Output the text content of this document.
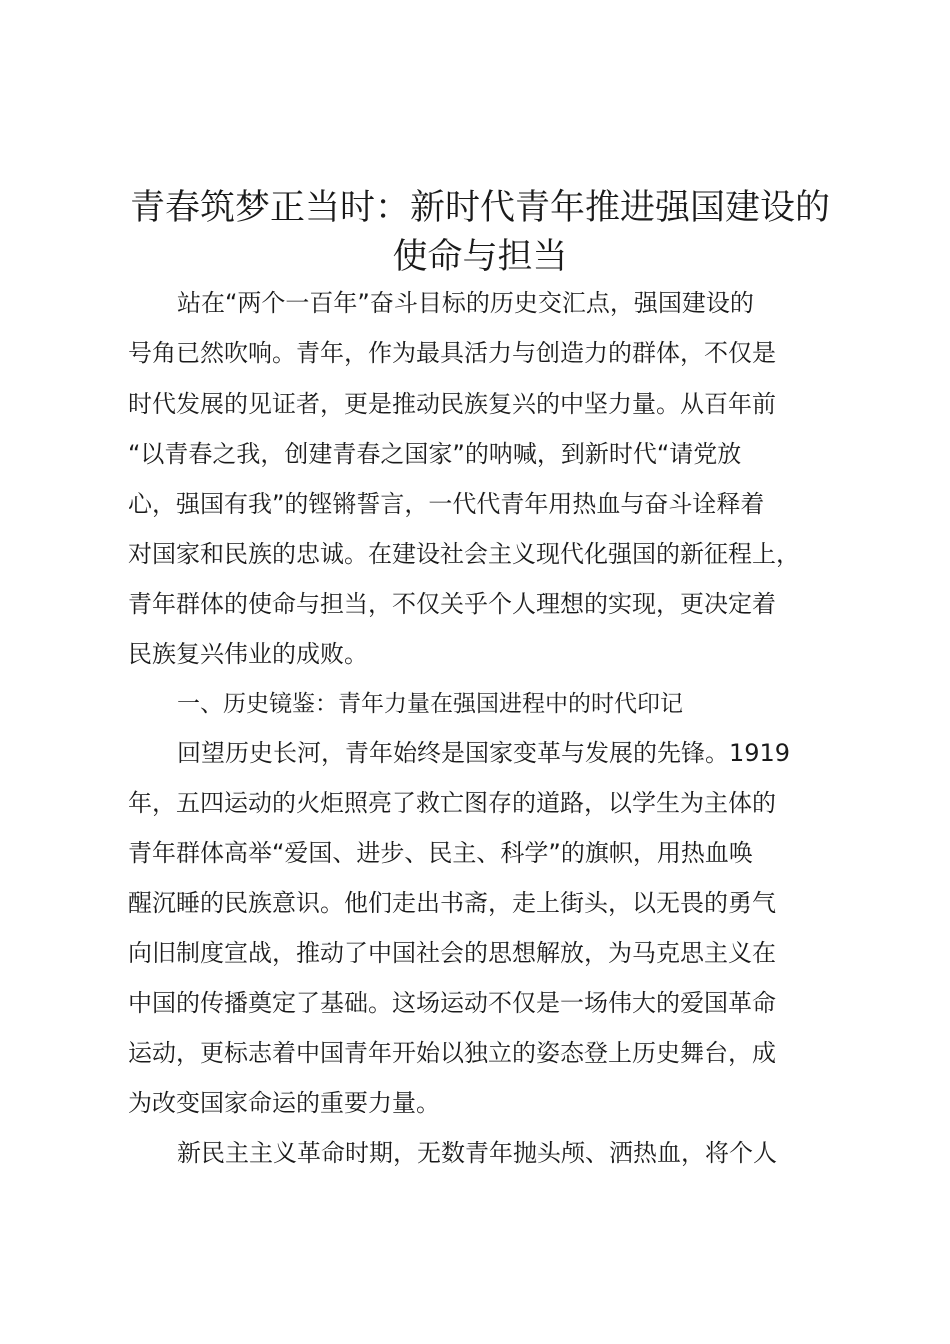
青春筑梦正当时：新时代青年推进强国建设的
使命与担当
站在“两个一百年”奋斗目标的历史交汇点，强国建设的
号角已然吹响。青年，作为最具活力与创造力的群体，不仅是
时代发展的见证者，更是推动民族复兴的中坚力量。从百年前
“以青春之我，创建青春之国家”的呐喊，到新时代“请党放
心，强国有我”的铿锵誓言，一代代青年用热血与奋斗诠释着
对国家和民族的忠诚。在建设社会主义现代化强国的新征程上，
青年群体的使命与担当，不仅关乎个人理想的实现，更决定着
民族复兴伟业的成败。
一、历史镜鉴：青年力量在强国进程中的时代印记
回望历史长河，青年始终是国家变革与发展的先锋。1919
年，五四运动的火炬照亮了救亡图存的道路，以学生为主体的
青年群体高举“爱国、进步、民主、科学”的旗帜，用热血唤
醒沉睡的民族意识。他们走出书斋，走上街头，以无畏的勇气
向旧制度宣战，推动了中国社会的思想解放，为马克思主义在
中国的传播奠定了基础。这场运动不仅是一场伟大的爱国革命
运动，更标志着中国青年开始以独立的姿态登上历史舞台，成
为改变国家命运的重要力量。
新民主主义革命时期，无数青年抛头颅、洒热血，将个人
